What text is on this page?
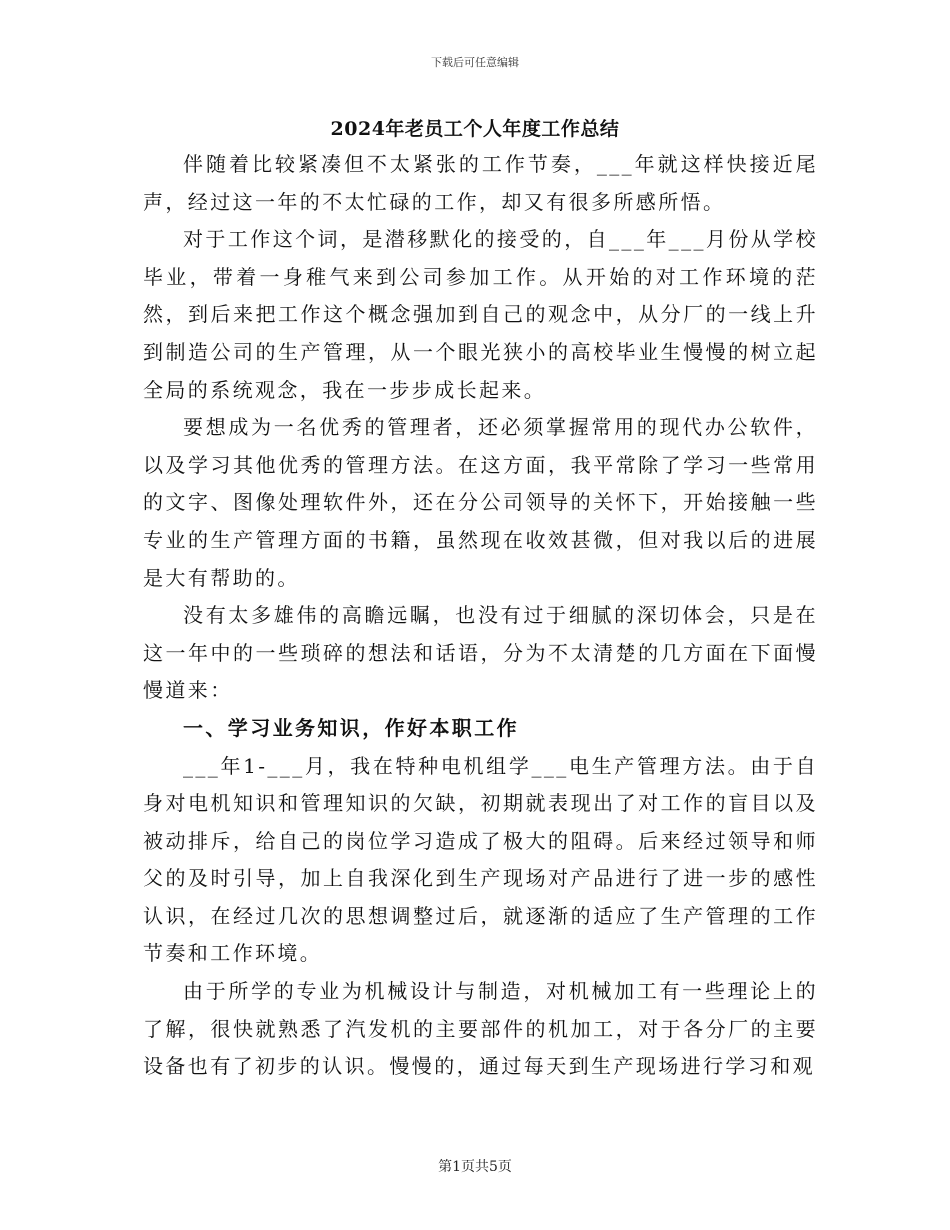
下载后可任意编辑
2024年老员工个人年度工作总结

伴随着比较紧凑但不太紧张的工作节奏，___年就这样快接近尾声，经过这一年的不太忙碌的工作，却又有很多所感所悟。

对于工作这个词，是潜移默化的接受的，自___年___月份从学校毕业，带着一身稚气来到公司参加工作。从开始的对工作环境的茫然，到后来把工作这个概念强加到自己的观念中，从分厂的一线上升到制造公司的生产管理，从一个眼光狭小的高校毕业生慢慢的树立起全局的系统观念，我在一步步成长起来。

要想成为一名优秀的管理者，还必须掌握常用的现代办公软件，以及学习其他优秀的管理方法。在这方面，我平常除了学习一些常用的文字、图像处理软件外，还在分公司领导的关怀下，开始接触一些专业的生产管理方面的书籍，虽然现在收效甚微，但对我以后的进展是大有帮助的。

没有太多雄伟的高瞻远瞩，也没有过于细腻的深切体会，只是在这一年中的一些琐碎的想法和话语，分为不太清楚的几方面在下面慢慢道来：

一、学习业务知识，作好本职工作

___年1-___月，我在特种电机组学___电生产管理方法。由于自身对电机知识和管理知识的欠缺，初期就表现出了对工作的盲目以及被动排斥，给自己的岗位学习造成了极大的阻碍。后来经过领导和师父的及时引导，加上自我深化到生产现场对产品进行了进一步的感性认识，在经过几次的思想调整过后，就逐渐的适应了生产管理的工作节奏和工作环境。

由于所学的专业为机械设计与制造，对机械加工有一些理论上的了解，很快就熟悉了汽发机的主要部件的机加工，对于各分厂的主要设备也有了初步的认识。慢慢的，通过每天到生产现场进行学习和观

第1页共5页
